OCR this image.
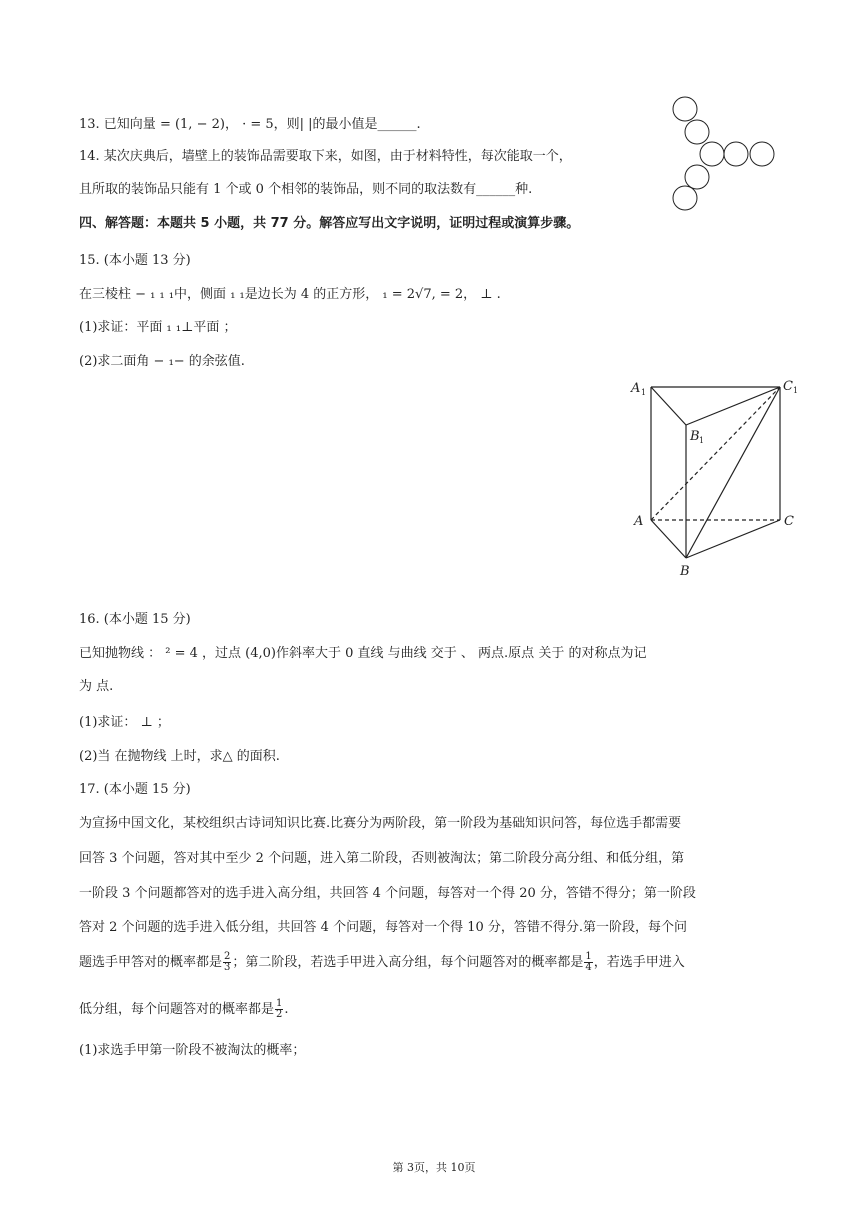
13. 已知向量 = (1, − 2)， · = 5，则| |的最小值是______.
14. 某次庆典后，墙壁上的装饰品需要取下来，如图，由于材料特性，每次能取一个，
且所取的装饰品只能有 1 个或 0 个相邻的装饰品，则不同的取法数有______种.
四、解答题：本题共 5 小题，共 77 分。解答应写出文字说明，证明过程或演算步骤。
15. (本小题 13 分)
在三棱柱 − ₁ ₁ ₁中，侧面 ₁ ₁是边长为 4 的正方形， ₁ = 2√7, = 2， ⊥ .
(1)求证：平面 ₁ ₁⊥平面 ；
(2)求二面角 − ₁− 的余弦值.
A 1	C 1
B 1
A	C
B
16. (本小题 15 分)
已知抛物线 ： ² = 4 ，过点 (4,0)作斜率大于 0 直线 与曲线 交于 、 两点.原点 关于 的对称点为记
为 点.
(1)求证： ⊥ ；
(2)当 在抛物线 上时，求△ 的面积.
17. (本小题 15 分)
为宣扬中国文化，某校组织古诗词知识比赛.比赛分为两阶段，第一阶段为基础知识问答，每位选手都需要
回答 3 个问题，答对其中至少 2 个问题，进入第二阶段，否则被淘汰；第二阶段分高分组、和低分组，第
一阶段 3 个问题都答对的选手进入高分组，共回答 4 个问题，每答对一个得 20 分，答错不得分；第一阶段
答对 2 个问题的选手进入低分组，共回答 4 个问题，每答对一个得 10 分，答错不得分.第一阶段，每个问
题选手甲答对的概率都是 $\frac{2}{3}$ ；第二阶段，若选手甲进入高分组，每个问题答对的概率都是 $\frac{1}{4}$ ，若选手甲进入
低分组，每个问题答对的概率都是 $\frac{1}{2}$ .
(1)求选手甲第一阶段不被淘汰的概率；
第 3页，共 10页
